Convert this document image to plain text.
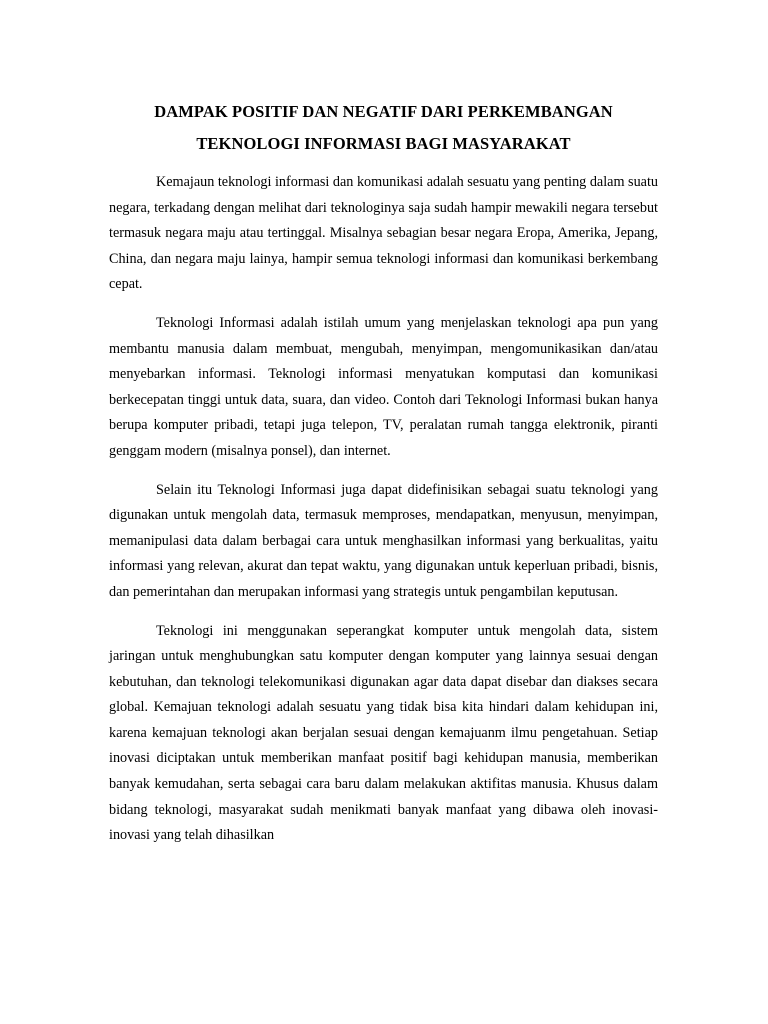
DAMPAK POSITIF DAN NEGATIF DARI PERKEMBANGAN
TEKNOLOGI INFORMASI BAGI MASYARAKAT

Kemajaun teknologi informasi dan komunikasi adalah sesuatu yang penting dalam suatu negara, terkadang dengan melihat dari teknologinya saja sudah hampir mewakili negara tersebut termasuk negara maju atau tertinggal. Misalnya sebagian besar negara Eropa, Amerika, Jepang, China, dan negara maju lainya, hampir semua teknologi informasi dan komunikasi berkembang cepat.

Teknologi Informasi adalah istilah umum yang menjelaskan teknologi apa pun yang membantu manusia dalam membuat, mengubah, menyimpan, mengomunikasikan dan/atau menyebarkan informasi. Teknologi informasi menyatukan komputasi dan komunikasi berkecepatan tinggi untuk data, suara, dan video. Contoh dari Teknologi Informasi bukan hanya berupa komputer pribadi, tetapi juga telepon, TV, peralatan rumah tangga elektronik, piranti genggam modern (misalnya ponsel), dan internet.

Selain itu Teknologi Informasi juga dapat didefinisikan sebagai suatu teknologi yang digunakan untuk mengolah data, termasuk memproses, mendapatkan, menyusun, menyimpan, memanipulasi data dalam berbagai cara untuk menghasilkan informasi yang berkualitas, yaitu informasi yang relevan, akurat dan tepat waktu, yang digunakan untuk keperluan pribadi, bisnis, dan pemerintahan dan merupakan informasi yang strategis untuk pengambilan keputusan.

Teknologi ini menggunakan seperangkat komputer untuk mengolah data, sistem jaringan untuk menghubungkan satu komputer dengan komputer yang lainnya sesuai dengan kebutuhan, dan teknologi telekomunikasi digunakan agar data dapat disebar dan diakses secara global. Kemajuan teknologi adalah sesuatu yang tidak bisa kita hindari dalam kehidupan ini, karena kemajuan teknologi akan berjalan sesuai dengan kemajuanm ilmu pengetahuan. Setiap inovasi diciptakan untuk memberikan manfaat positif bagi kehidupan manusia, memberikan banyak kemudahan, serta sebagai cara baru dalam melakukan aktifitas manusia. Khusus dalam bidang teknologi, masyarakat sudah menikmati banyak manfaat yang dibawa oleh inovasi-inovasi yang telah dihasilkan
